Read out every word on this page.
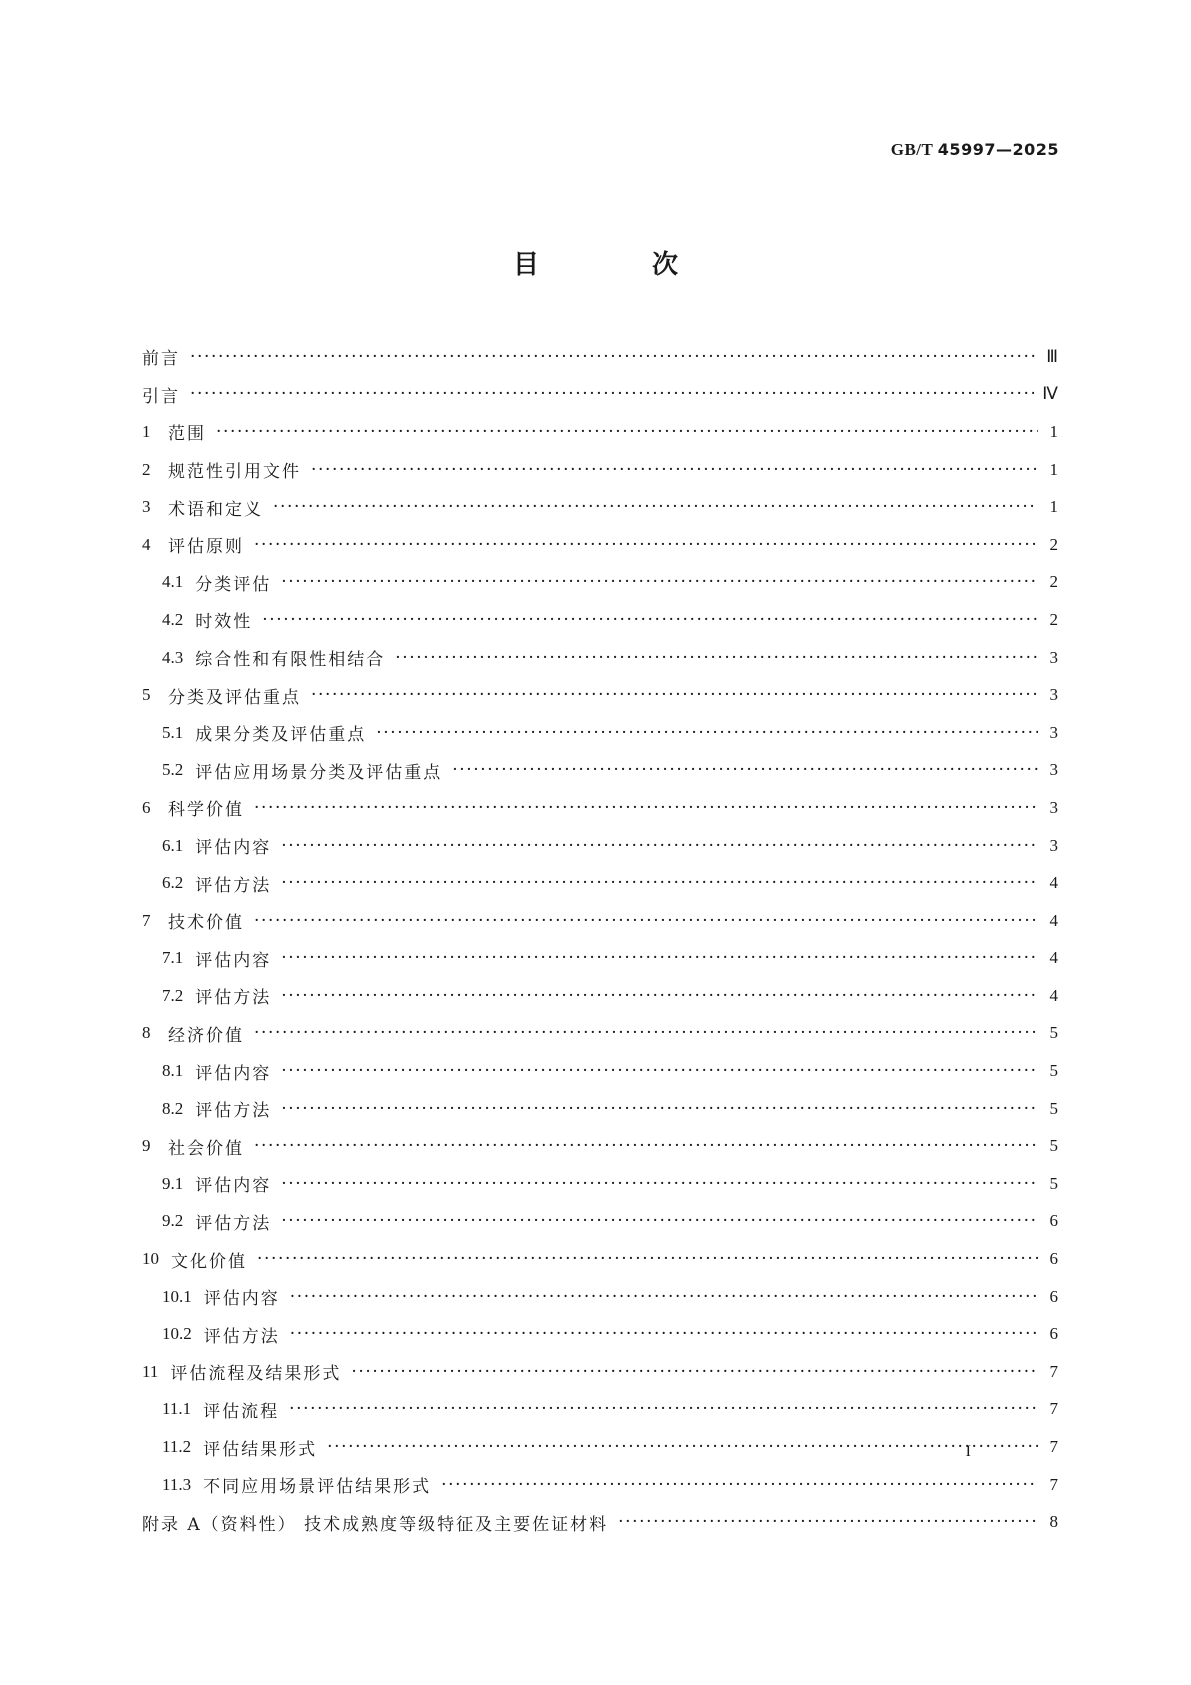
GB/T 45997—2025
目 次
前言 ·····	Ⅲ
引言 ·····	Ⅳ
1	范围 ·····	1
2	规范性引用文件 ·····	1
3	术语和定义 ·····	1
4	评估原则 ·····	2
4.1 分类评估 ·····	2
4.2 时效性 ·····	2
4.3 综合性和有限性相结合 ·····	3
5	分类及评估重点 ·····	3
5.1 成果分类及评估重点 ·····	3
5.2 评估应用场景分类及评估重点 ·····	3
6	科学价值 ·····	3
6.1 评估内容 ·····	3
6.2 评估方法 ·····	4
7	技术价值 ·····	4
7.1 评估内容 ·····	4
7.2 评估方法 ·····	4
8	经济价值 ·····	5
8.1 评估内容 ·····	5
8.2 评估方法 ·····	5
9	社会价值 ·····	5
9.1 评估内容 ·····	5
9.2 评估方法 ·····	6
10 文化价值 ·····	6
10.1 评估内容 ·····	6
10.2 评估方法 ·····	6
11 评估流程及结果形式 ·····	7
11.1 评估流程 ·····	7
11.2 评估结果形式 ·····	7
11.3 不同应用场景评估结果形式 ·····	7
附录 A（资料性） 技术成熟度等级特征及主要佐证材料 ·····	8
I
